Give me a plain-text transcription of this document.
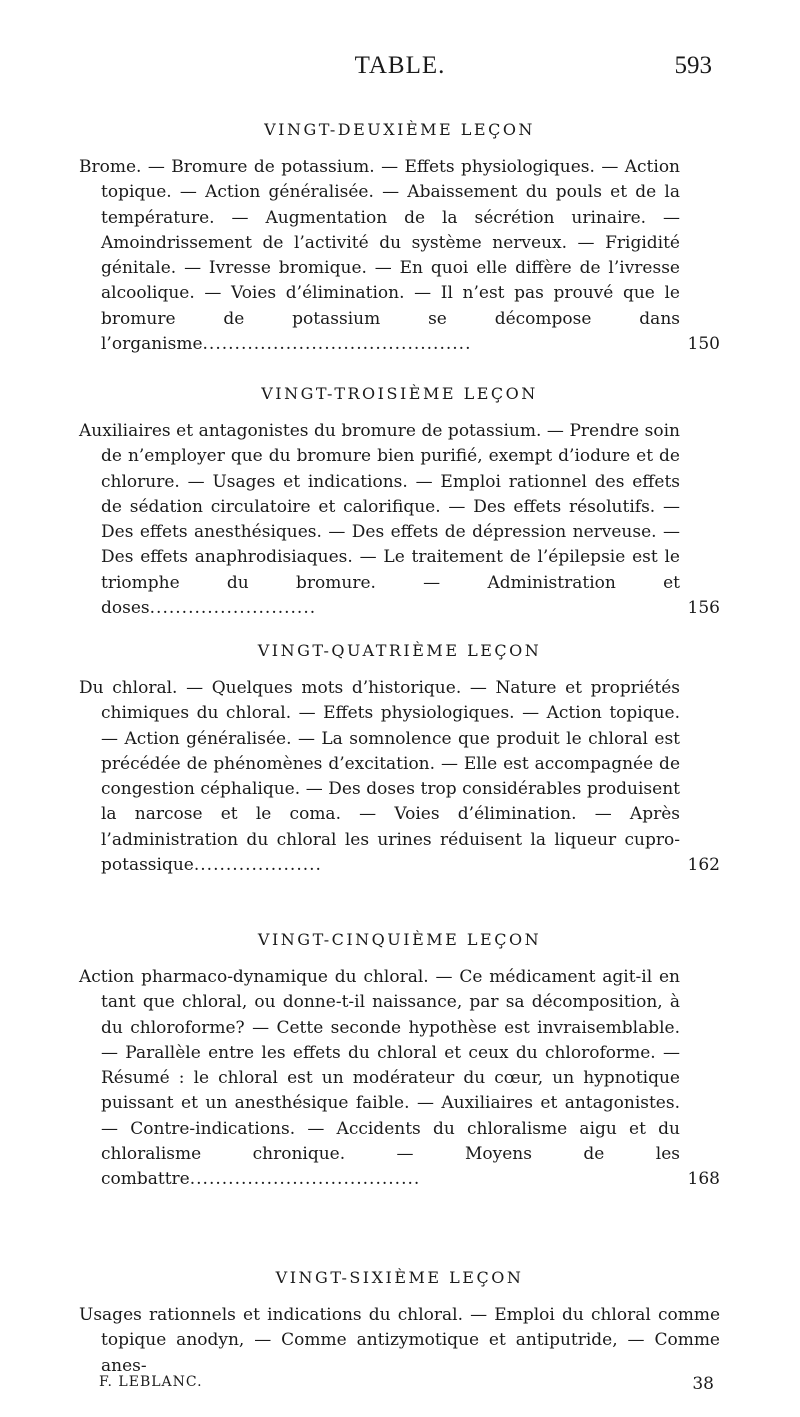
TABLE.	593
VINGT-DEUXIÈME LEÇON

Brome. — Bromure de potassium. — Effets physiologiques. — Action topique. — Action généralisée. — Abaissement du pouls et de la température. — Augmentation de la sécrétion urinaire. — Amoindrissement de l’activité du système nerveux. — Frigidité génitale. — Ivresse bromique. — En quoi elle diffère de l’ivresse alcoolique. — Voies d’élimination. — Il n’est pas prouvé que le bromure de potassium se décompose dans l’organisme..........................................	150

VINGT-TROISIÈME LEÇON

Auxiliaires et antagonistes du bromure de potassium. — Prendre soin de n’employer que du bromure bien purifié, exempt d’iodure et de chlorure. — Usages et indications. — Emploi rationnel des effets de sédation circulatoire et calorifique. — Des effets résolutifs. — Des effets anesthésiques. — Des effets de dépression nerveuse. — Des effets anaphrodisiaques. — Le traitement de l’épilepsie est le triomphe du bromure. — Administration et doses..........................	156

VINGT-QUATRIÈME LEÇON

Du chloral. — Quelques mots d’historique. — Nature et propriétés chimiques du chloral. — Effets physiologiques. — Action topique. — Action généralisée. — La somnolence que produit le chloral est précédée de phénomènes d’excitation. — Elle est accompagnée de congestion céphalique. — Des doses trop considérables produisent la narcose et le coma. — Voies d’élimination. — Après l’administration du chloral les urines réduisent la liqueur cupro-potassique....................	162

VINGT-CINQUIÈME LEÇON

Action pharmaco-dynamique du chloral. — Ce médicament agit-il en tant que chloral, ou donne-t-il naissance, par sa décomposition, à du chloroforme? — Cette seconde hypothèse est invraisemblable. — Parallèle entre les effets du chloral et ceux du chloroforme. — Résumé : le chloral est un modérateur du cœur, un hypnotique puissant et un anesthésique faible. — Auxiliaires et antagonistes. — Contre-indications. — Accidents du chloralisme aigu et du chloralisme chronique. — Moyens de les combattre....................................	168

VINGT-SIXIÈME LEÇON

Usages rationnels et indications du chloral. — Emploi du chloral comme topique anodyn, — Comme antizymotique et antiputride, — Comme anes-

F. LEBLANC.	38
